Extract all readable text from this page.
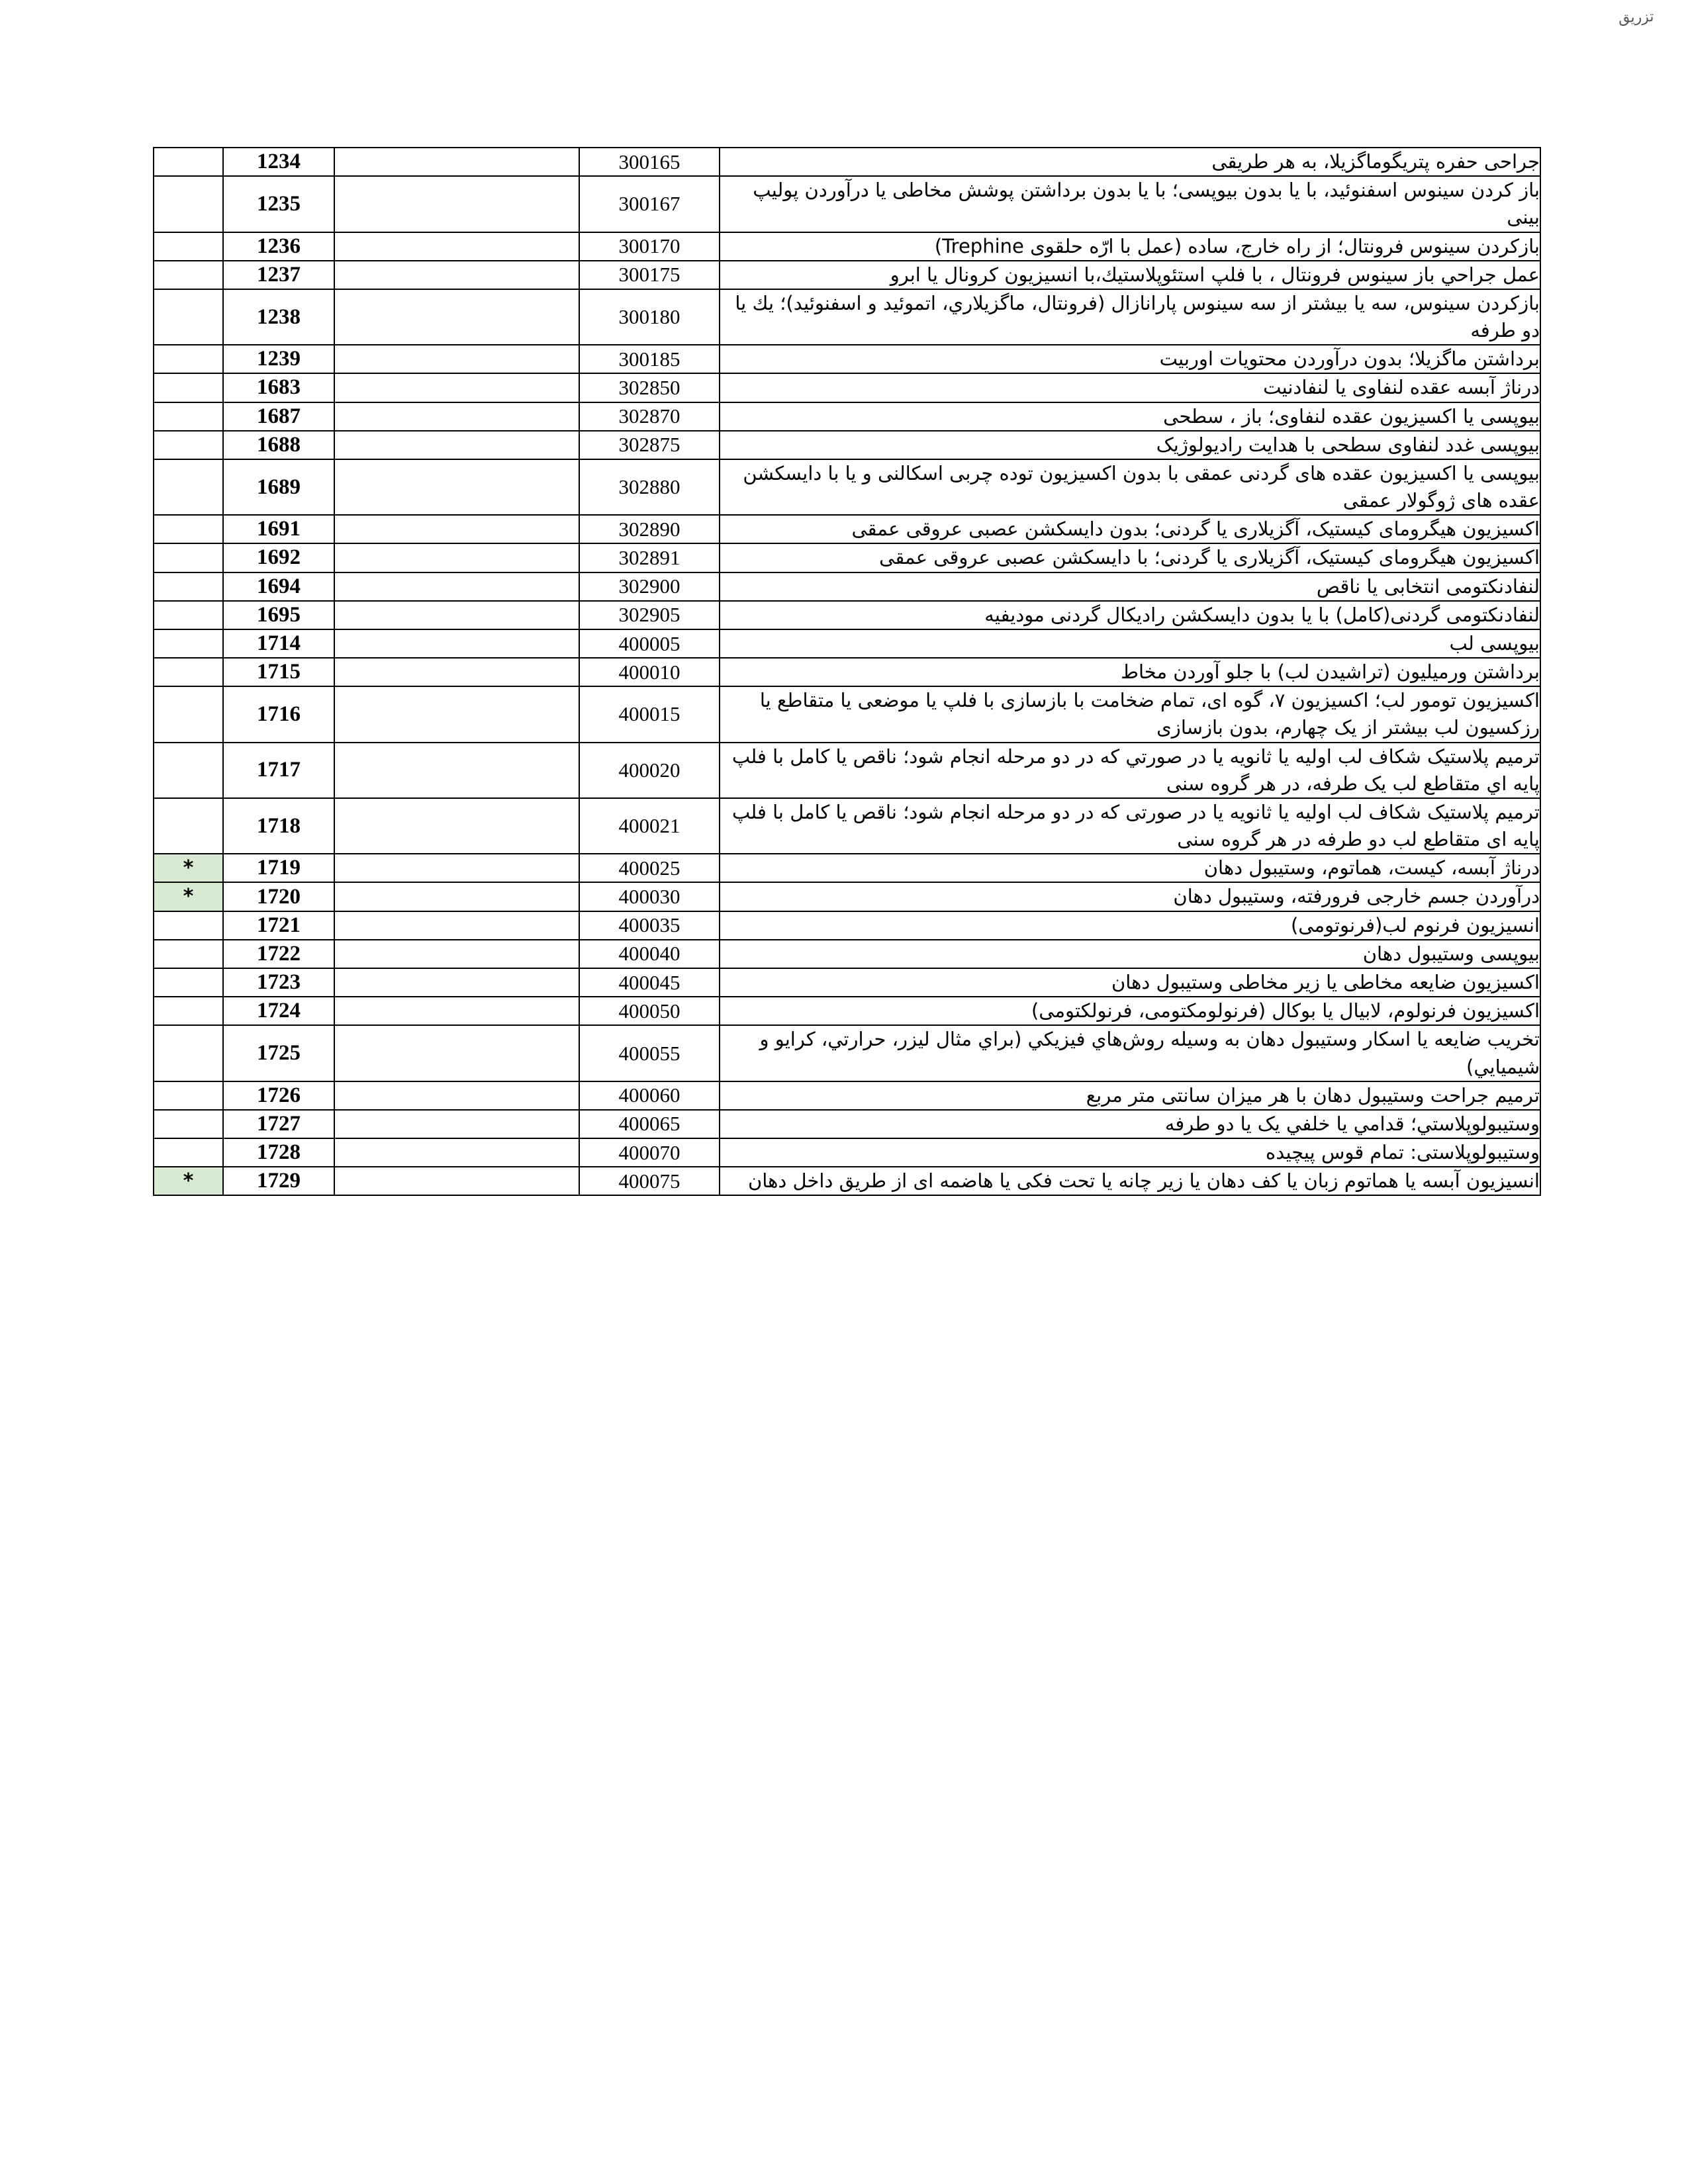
تزریق
جراحی حفره پتریگوماگزیلا، به هر طریقی	300165		1234	
باز کردن سینوس اسفنوئید، با یا بدون بیوپسی؛ با یا بدون برداشتن پوشش مخاطی یا درآوردن پولیپ بینی	300167		1235	
بازکردن سینوس فرونتال؛ از راه خارج، ساده (عمل با ارّه حلقوی Trephine)	300170		1236	
عمل جراحي باز سینوس فرونتال ، با فلپ استئوپلاستیك،با انسیزیون كرونال یا ابرو	300175		1237	
بازكردن سینوس، سه یا بیشتر از سه سینوس پارانازال (فرونتال، ماگزیلاري، اتموئید و اسفنوئید)؛ یك یا دو طرفه	300180		1238	
برداشتن ماگزیلا؛ بدون درآوردن محتویات اوربیت	300185		1239	
درناژ آبسه عقده لنفاوی یا لنفادنیت	302850		1683	
بیوپسی یا اکسیزیون عقده لنفاوی؛ باز ، سطحی	302870		1687	
بیوپسی غدد لنفاوی سطحی با هدایت رادیولوژیک	302875		1688	
بیوپسی یا اکسیزیون عقده های گردنی عمقی با بدون اکسیزیون توده چربی اسکالنی و یا با دایسکشن عقده های ژوگولار عمقی	302880		1689	
اکسیزیون هیگرومای کیستیک، آگزیلاری یا گردنی؛ بدون دایسکشن عصبی عروقی عمقی	302890		1691	
اکسیزیون هیگرومای کیستیک، آگزیلاری یا گردنی؛ با دایسکشن عصبی عروقی عمقی	302891		1692	
لنفادنکتومی انتخابی یا ناقص	302900		1694	
لنفادنکتومی گردنی(کامل) با یا بدون دایسکشن رادیکال گردنی مودیفیه	302905		1695	
بیوپسی لب	400005		1714	
برداشتن ورمیلیون (تراشیدن لب) با جلو آوردن مخاط	400010		1715	
اکسیزیون تومور لب؛ اکسیزیون ۷، گوه ای، تمام ضخامت با بازسازی با فلپ یا موضعی یا متقاطع یا رزکسیون لب بیشتر از یک چهارم، بدون بازسازی	400015		1716	
ترمیم پلاستیک شکاف لب اولیه یا ثانویه یا در صورتي که در دو مرحله انجام شود؛ ناقص یا کامل با فلپ پایه اي متقاطع لب یک طرفه، در هر گروه سنی	400020		1717	
ترمیم پلاستیک شکاف لب اولیه یا ثانویه یا در صورتی که در دو مرحله انجام شود؛ ناقص یا کامل با فلپ پایه ای متقاطع لب دو طرفه در هر گروه سنی	400021		1718	
درناژ آبسه، کیست، هماتوم، وستیبول دهان	400025		1719	*
درآوردن جسم خارجی فرورفته، وستیبول دهان	400030		1720	*
انسیزیون فرنوم لب(فرنوتومی)	400035		1721	
بیوپسی وستیبول دهان	400040		1722	
اکسیزیون ضایعه مخاطی یا زیر مخاطی وستیبول دهان	400045		1723	
اکسیزیون فرنولوم، لابیال یا بوکال (فرنولومکتومی، فرنولکتومی)	400050		1724	
تخریب ضایعه یا اسکار وستیبول دهان به وسیله روش‌هاي فیزیکي (براي مثال لیزر، حرارتي، کرایو و شیمیایي)	400055		1725	
ترمیم جراحت وستیبول دهان با هر میزان سانتی متر مربع	400060		1726	
وستیبولوپلاستي؛ قدامي یا خلفي یک یا دو طرفه	400065		1727	
وستیبولوپلاستی: تمام قوس پیچیده	400070		1728	
انسیزیون آبسه یا هماتوم زبان یا کف دهان یا زیر چانه یا تحت فکی یا هاضمه ای از طریق داخل دهان	400075		1729	*
